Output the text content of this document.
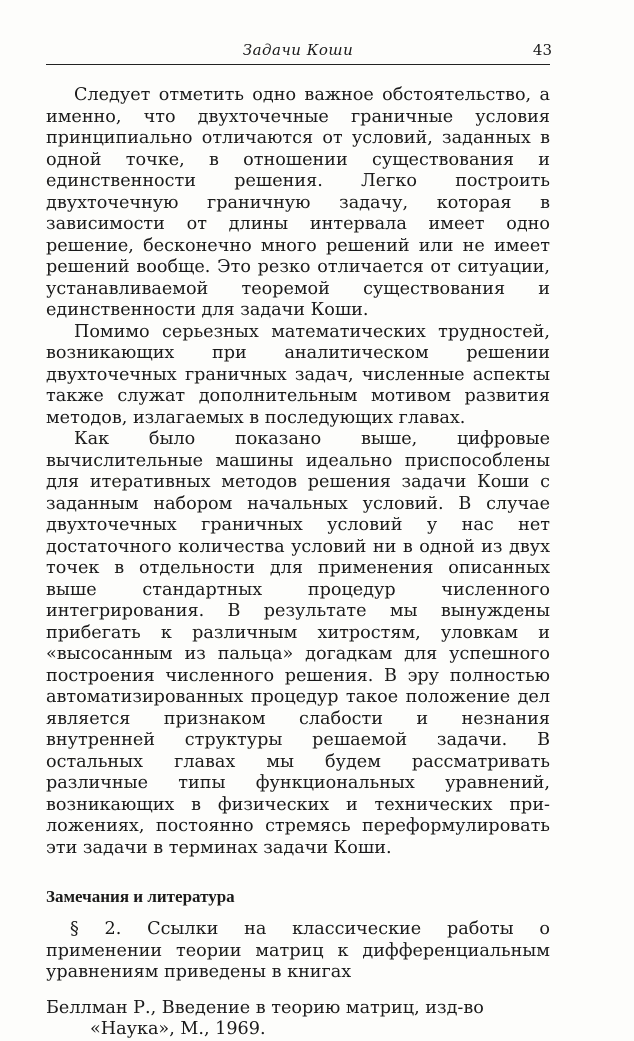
Задачи Коши	43

Следует отметить одно важное обстоятельство, а именно, что двухточечные граничные условия принципиально отличаются от условий, заданных в одной точке, в отношении существования и единственности решения. Легко построить двухточечную граничную задачу, которая в зависимости от длины интервала имеет одно решение, бесконечно много решений или не имеет решений вообще. Это резко отличается от ситуации, устанавливаемой теоремой существования и единственности для задачи Коши.

Помимо серьезных математических трудностей, возникающих при аналитическом решении двухточечных граничных задач, численные аспекты также служат дополнительным мотивом развития методов, излагаемых в последующих главах.

Как было показано выше, цифровые вычислительные машины идеально приспособлены для итеративных методов решения задачи Коши с заданным набором начальных условий. В случае двухточечных граничных условий у нас нет достаточного количества условий ни в одной из двух точек в отдельности для применения описанных выше стандартных процедур численного интегрирования. В результате мы вынуждены прибегать к различным хитростям, уловкам и «высосанным из пальца» догадкам для успешного построения численного решения. В эру полностью автоматизированных процедур такое положение дел является признаком слабости и незнания внутренней структуры решаемой задачи. В остальных главах мы будем рассматривать различные типы функциональных уравнений, возникающих в физических и технических приложениях, постоянно стремясь переформулировать эти задачи в терминах задачи Коши.

Замечания и литература

§ 2. Ссылки на классические работы о применении теории матриц к дифференциальным уравнениям приведены в книгах

Беллман Р., Введение в теорию матриц, изд-во «Наука», М., 1969.
